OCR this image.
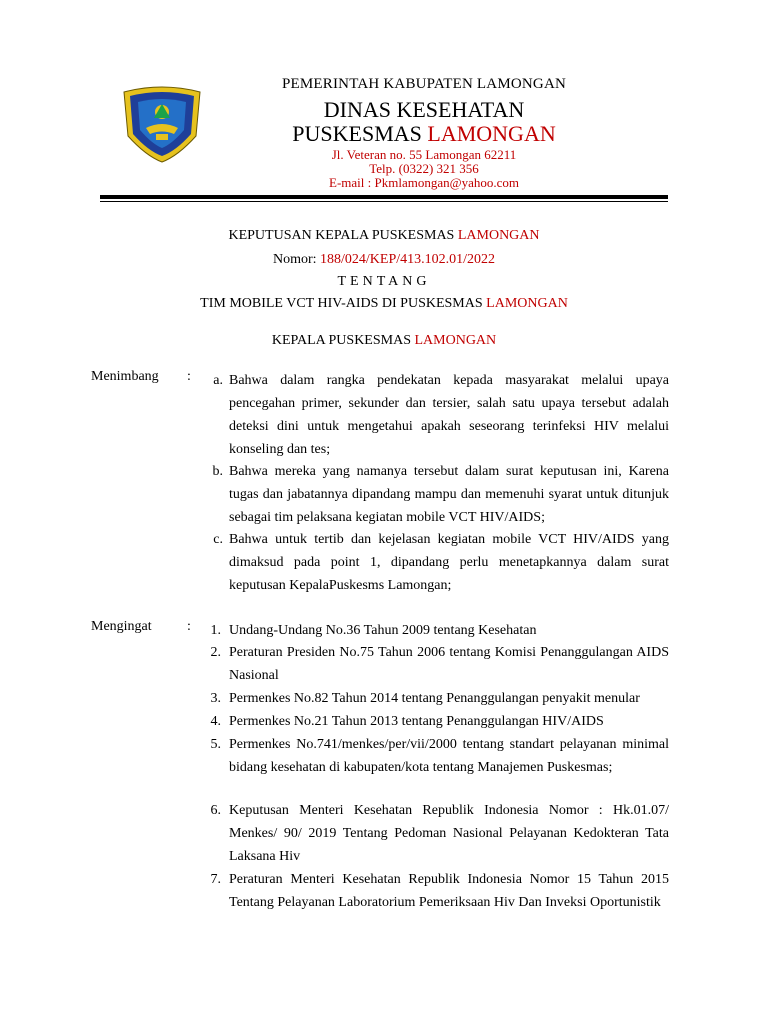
PEMERINTAH KABUPATEN LAMONGAN
DINAS KESEHATAN
PUSKESMAS LAMONGAN
Jl. Veteran no. 55 Lamongan 62211
Telp. (0322) 321 356
E-mail : Pkmlamongan@yahoo.com
KEPUTUSAN KEPALA PUSKESMAS LAMONGAN
Nomor: 188/024/KEP/413.102.01/2022
TENTANG
TIM MOBILE VCT HIV-AIDS DI PUSKESMAS LAMONGAN
KEPALA PUSKESMAS LAMONGAN
Menimbang :	a. Bahwa dalam rangka pendekatan kepada masyarakat melalui upaya pencegahan primer, sekunder dan tersier, salah satu upaya tersebut adalah deteksi dini untuk mengetahui apakah seseorang terinfeksi HIV melalui konseling dan tes;
b. Bahwa mereka yang namanya tersebut dalam surat keputusan ini, Karena tugas dan jabatannya dipandang mampu dan memenuhi syarat untuk ditunjuk sebagai tim pelaksana kegiatan mobile VCT HIV/AIDS;
c. Bahwa untuk tertib dan kejelasan kegiatan mobile VCT HIV/AIDS yang dimaksud pada point 1, dipandang perlu menetapkannya dalam surat keputusan KepalaPuskesms Lamongan;
Mengingat	:	1. Undang-Undang No.36 Tahun 2009 tentang Kesehatan
2. Peraturan Presiden No.75 Tahun 2006 tentang Komisi Penanggulangan AIDS Nasional
3. Permenkes No.82 Tahun 2014 tentang Penanggulangan penyakit menular
4. Permenkes No.21 Tahun 2013 tentang Penanggulangan HIV/AIDS
5. Permenkes No.741/menkes/per/vii/2000 tentang standart pelayanan minimal bidang kesehatan di kabupaten/kota tentang Manajemen Puskesmas;
6. Keputusan Menteri Kesehatan Republik Indonesia Nomor : Hk.01.07/ Menkes/ 90/ 2019 Tentang Pedoman Nasional Pelayanan Kedokteran Tata Laksana Hiv
7. Peraturan Menteri Kesehatan Republik Indonesia Nomor 15 Tahun 2015 Tentang Pelayanan Laboratorium Pemeriksaan Hiv Dan Inveksi Oportunistik
